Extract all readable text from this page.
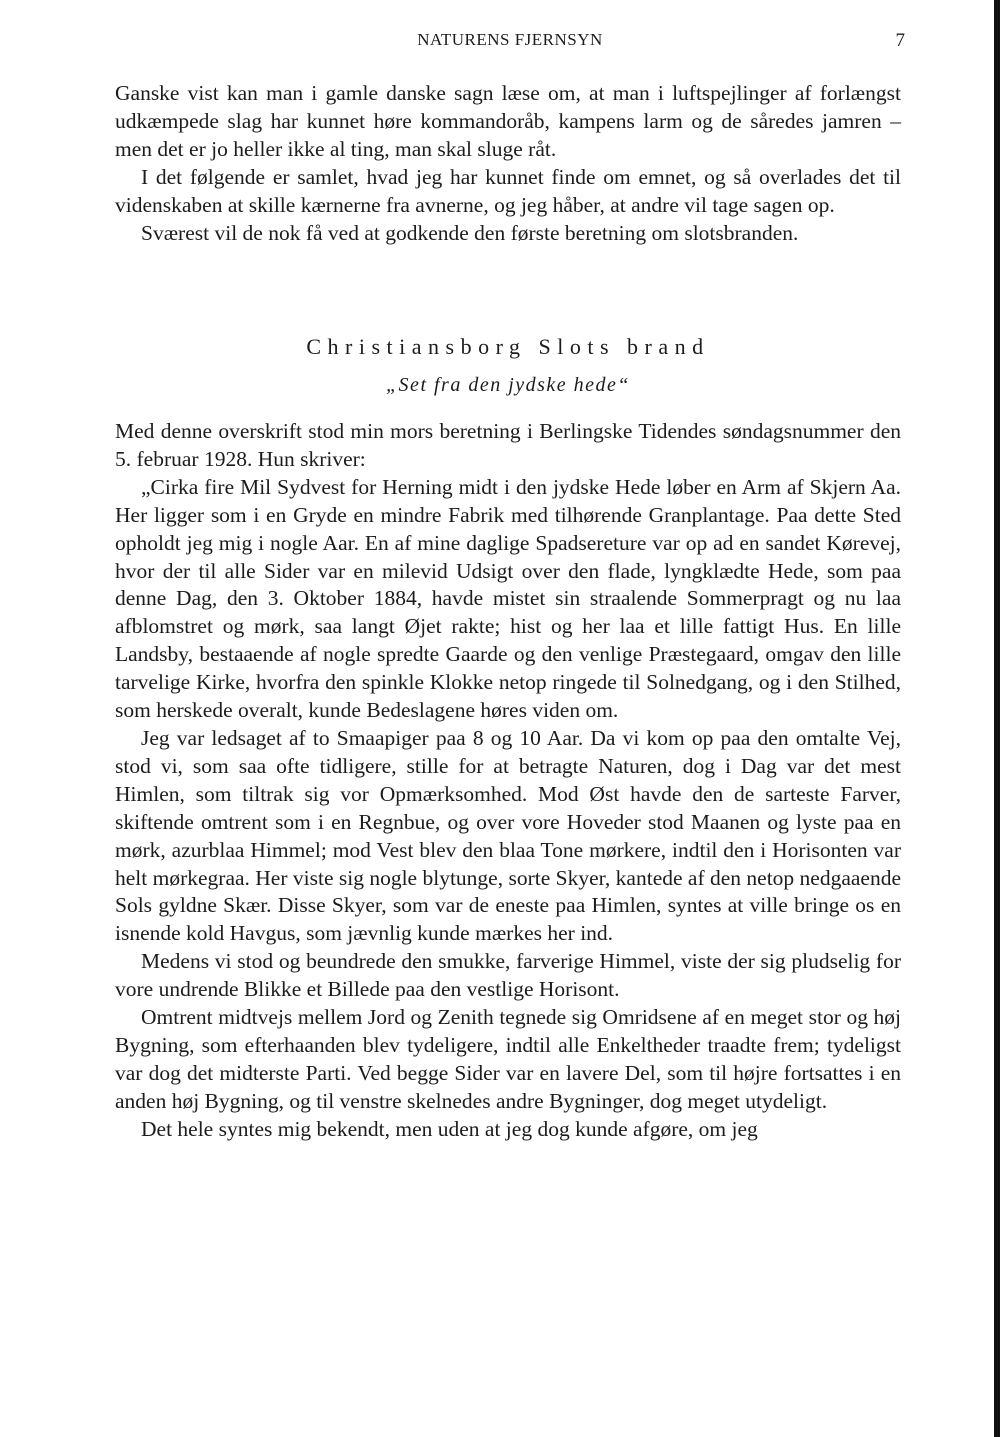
NATURENS FJERNSYN	7

Ganske vist kan man i gamle danske sagn læse om, at man i luftspejlinger af forlængst udkæmpede slag har kunnet høre kommandoråb, kampens larm og de såredes jamren – men det er jo heller ikke al ting, man skal sluge råt.

I det følgende er samlet, hvad jeg har kunnet finde om emnet, og så overlades det til videnskaben at skille kærnerne fra avnerne, og jeg håber, at andre vil tage sagen op.

Sværest vil de nok få ved at godkende den første beretning om slotsbranden.

Christiansborg Slots brand
„Set fra den jydske hede“

Med denne overskrift stod min mors beretning i Berlingske Tidendes søndagsnummer den 5. februar 1928. Hun skriver:

„Cirka fire Mil Sydvest for Herning midt i den jydske Hede løber en Arm af Skjern Aa. Her ligger som i en Gryde en mindre Fabrik med tilhørende Granplantage. Paa dette Sted opholdt jeg mig i nogle Aar. En af mine daglige Spadsereture var op ad en sandet Kørevej, hvor der til alle Sider var en milevid Udsigt over den flade, lyngklædte Hede, som paa denne Dag, den 3. Oktober 1884, havde mistet sin straalende Sommerpragt og nu laa afblomstret og mørk, saa langt Øjet rakte; hist og her laa et lille fattigt Hus. En lille Landsby, bestaaende af nogle spredte Gaarde og den venlige Præstegaard, omgav den lille tarvelige Kirke, hvorfra den spinkle Klokke netop ringede til Solnedgang, og i den Stilhed, som herskede overalt, kunde Bedeslagene høres viden om.

Jeg var ledsaget af to Smaapiger paa 8 og 10 Aar. Da vi kom op paa den omtalte Vej, stod vi, som saa ofte tidligere, stille for at betragte Naturen, dog i Dag var det mest Himlen, som tiltrak sig vor Opmærksomhed. Mod Øst havde den de sarteste Farver, skiftende omtrent som i en Regnbue, og over vore Hoveder stod Maanen og lyste paa en mørk, azurblaa Himmel; mod Vest blev den blaa Tone mørkere, indtil den i Horisonten var helt mørkegraa. Her viste sig nogle blytunge, sorte Skyer, kantede af den netop nedgaaende Sols gyldne Skær. Disse Skyer, som var de eneste paa Himlen, syntes at ville bringe os en isnende kold Havgus, som jævnlig kunde mærkes her ind.

Medens vi stod og beundrede den smukke, farverige Himmel, viste der sig pludselig for vore undrende Blikke et Billede paa den vestlige Horisont.

Omtrent midtvejs mellem Jord og Zenith tegnede sig Omridsene af en meget stor og høj Bygning, som efterhaanden blev tydeligere, indtil alle Enkeltheder traadte frem; tydeligst var dog det midterste Parti. Ved begge Sider var en lavere Del, som til højre fortsattes i en anden høj Bygning, og til venstre skelnedes andre Bygninger, dog meget utydeligt.

Det hele syntes mig bekendt, men uden at jeg dog kunde afgøre, om jeg
